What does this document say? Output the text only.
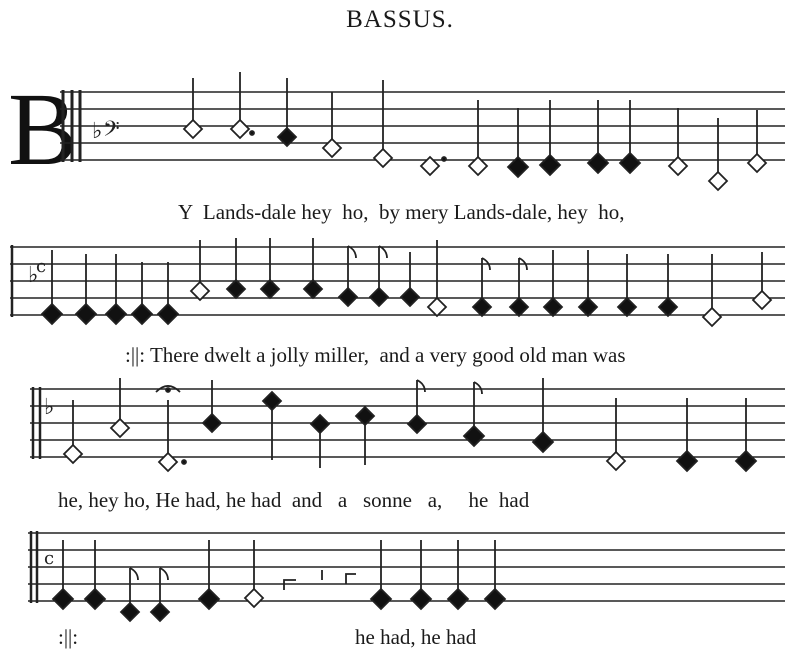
BASSUS.
B ♭ 𝄢
Y  Lands-dale hey  ho,  by mery Lands-dale, hey  ho,
♭
c
:||: There dwelt a jolly miller,  and a very good old man was
♭
he, hey ho, He had, he had  and   a   sonne   a,     he  had
c
:||:	he had, he had
